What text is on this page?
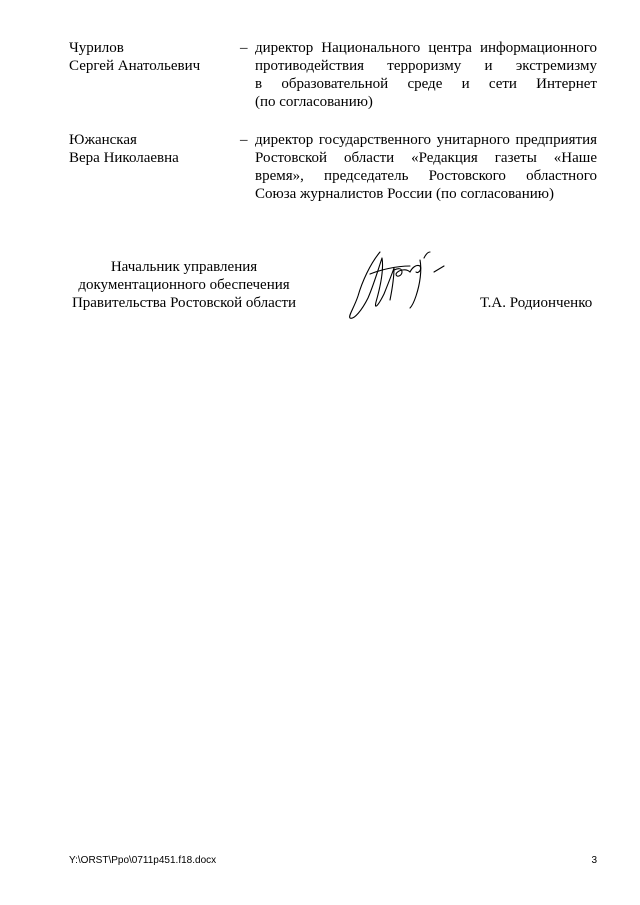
Чурилов
Сергей Анатольевич
– директор Национального центра информационного
противодействия терроризму и экстремизму
в образовательной среде и сети Интернет
(по согласованию)
Южанская
Вера Николаевна
– директор государственного унитарного предприятия
Ростовской области «Редакция газеты «Наше
время», председатель Ростовского областного
Союза журналистов России (по согласованию)
Начальник управления
документационного обеспечения
Правительства Ростовской области	Т.А. Родионченко
Y:\ORST\Ppo\0711p451.f18.docx	3
